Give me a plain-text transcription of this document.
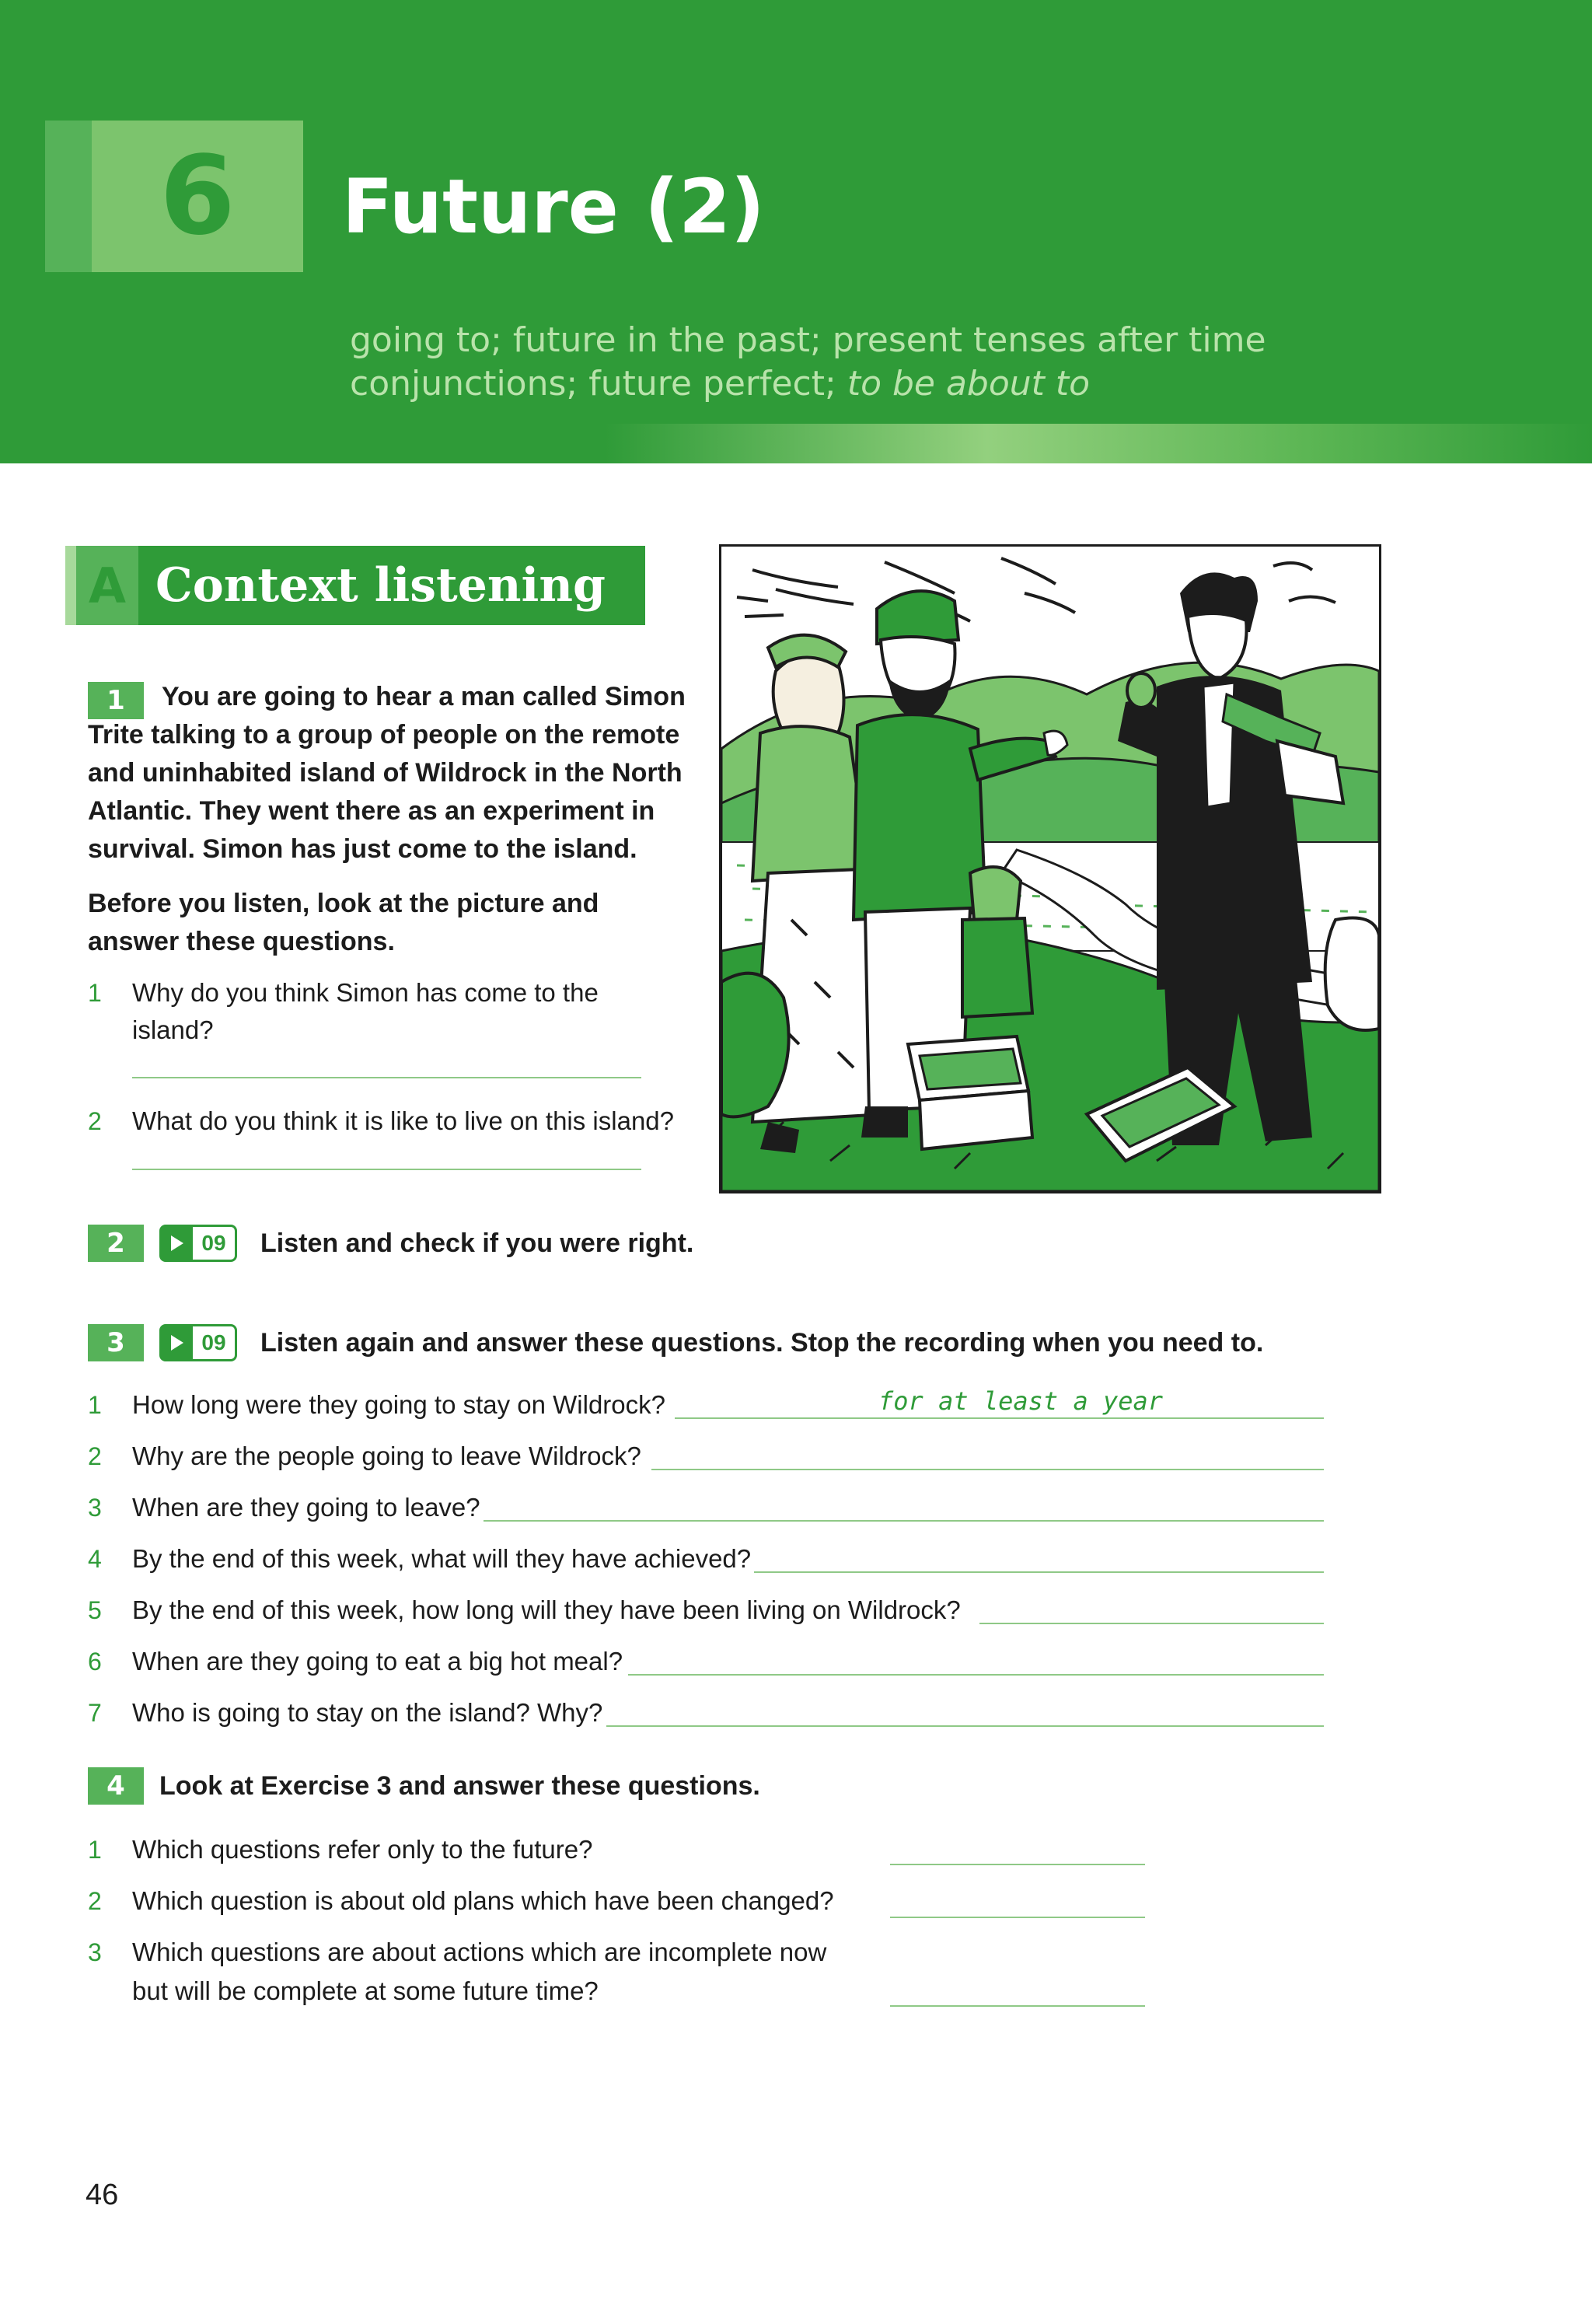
6	Future (2)
going to; future in the past; present tenses after time conjunctions; future perfect; to be about to
A Context listening
1	You are going to hear a man called Simon Trite talking to a group of people on the remote and uninhabited island of Wildrock in the North Atlantic. They went there as an experiment in survival. Simon has just come to the island.
Before you listen, look at the picture and answer these questions.
1 Why do you think Simon has come to the island?
2 What do you think it is like to live on this island?
2	09	Listen and check if you were right.
3	09	Listen again and answer these questions. Stop the recording when you need to.
1 How long were they going to stay on Wildrock?	for at least a year
2 Why are the people going to leave Wildrock?
3 When are they going to leave?
4 By the end of this week, what will they have achieved?
5 By the end of this week, how long will they have been living on Wildrock?
6 When are they going to eat a big hot meal?
7 Who is going to stay on the island? Why?
4	Look at Exercise 3 and answer these questions.
1 Which questions refer only to the future?
2 Which question is about old plans which have been changed?
3 Which questions are about actions which are incomplete now
but will be complete at some future time?
46
